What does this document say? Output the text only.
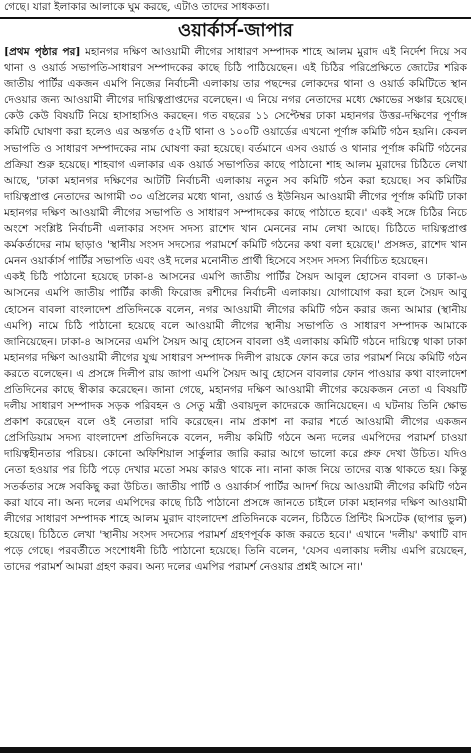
গেছে। যারা ইলাকার আলাকে ঘুম করছে, এটাও তাদের সাধকতা।
ওয়ার্কার্স-জাপার

[প্রথম পৃষ্ঠার পর] মহানগর দক্ষিণ আওয়ামী লীগের সাধারণ সম্পাদক শাহে আলম মুরাদ এই নির্দেশ দিয়ে সব থানা ও ওয়ার্ড সভাপতি-সাধারণ সম্পাদকের কাছে চিঠি পাঠিয়েছেন। এই চিঠির পরিপ্রেক্ষিতে জোটের শরিক জাতীয় পার্টির একজন এমপি নিজের নির্বাচনী এলাকায় তার পছন্দের লোকদের থানা ও ওয়ার্ড কমিটিতে স্থান দেওয়ার জন্য আওয়ামী লীগের দায়িত্বপ্রাপ্তদের বলেছেন। এ নিয়ে নগর নেতাদের মধ্যে ক্ষোভের সঞ্চার হয়েছে। কেউ কেউ বিষয়টি নিয়ে হাসাহাসিও করছেন। গত বছরের ১১ সেপ্টেম্বর ঢাকা মহানগর উত্তর-দক্ষিণের পূর্ণাঙ্গ কমিটি ঘোষণা করা হলেও এর অন্তর্গত ৫২টি থানা ও ১০০টি ওয়ার্ডের এখনো পূর্ণাঙ্গ কমিটি গঠন হয়নি। কেবল সভাপতি ও সাধারণ সম্পাদকের নাম ঘোষণা করা হয়েছে। বর্তমানে এসব ওয়ার্ড ও থানার পূর্ণাঙ্গ কমিটি গঠনের প্রক্রিয়া শুরু হয়েছে। শাহবাগ এলাকার এক ওয়ার্ড সভাপতির কাছে পাঠানো শাহ আলম মুরাদের চিঠিতে লেখা আছে, 'ঢাকা মহানগর দক্ষিণের আটটি নির্বাচনী এলাকায় নতুন সব কমিটি গঠন করা হয়েছে। সব কমিটির দায়িত্বপ্রাপ্ত নেতাদের আগামী ৩০ এপ্রিলের মধ্যে থানা, ওয়ার্ড ও ইউনিয়ন আওয়ামী লীগের পূর্ণাঙ্গ কমিটি ঢাকা মহানগর দক্ষিণ আওয়ামী লীগের সভাপতি ও সাধারণ সম্পাদকের কাছে পাঠাতে হবে।' একই সঙ্গে চিঠির নিচে অংশে সংশ্লিষ্ট নির্বাচনী এলাকার সংসদ সদস্য রাশেদ খান মেননের নাম লেখা আছে। চিঠিতে দায়িত্বপ্রাপ্ত কর্মকর্তাদের নাম ছাড়াও 'স্থানীয় সংসদ সদস্যের পরামর্শে কমিটি গঠনের কথা বলা হয়েছে।' প্রসঙ্গত, রাশেদ খান মেনন ওয়ার্কার্স পার্টির সভাপতি এবং ওই দলের মনোনীত প্রার্থী হিসেবে সংসদ সদস্য নির্বাচিত হয়েছেন।

একই চিঠি পাঠানো হয়েছে ঢাকা-৪ আসনের এমপি জাতীয় পার্টির সৈয়দ আবুল হোসেন বাবলা ও ঢাকা-৬ আসনের এমপি জাতীয় পার্টির কাজী ফিরোজ রশীদের নির্বাচনী এলাকায়। যোগাযোগ করা হলে সৈয়দ আবু হোসেন বাবলা বাংলাদেশ প্রতিদিনকে বলেন, নগর আওয়ামী লীগের কমিটি গঠন করার জন্য আমার (স্থানীয় এমপি) নামে চিঠি পাঠানো হয়েছে বলে আওয়ামী লীগের স্থানীয় সভাপতি ও সাধারণ সম্পাদক আমাকে জানিয়েছেন। ঢাকা-৪ আসনের এমপি সৈয়দ আবু হোসেন বাবলা ওই এলাকায় কমিটি গঠনে দায়িত্বে থাকা ঢাকা মহানগর দক্ষিণ আওয়ামী লীগের যুগ্ম সাধারণ সম্পাদক দিলীপ রায়কে ফোন করে তার পরামর্শ নিয়ে কমিটি গঠন করতে বলেছেন। এ প্রসঙ্গে দিলীপ রায় জাপা এমপি সৈয়দ আবু হোসেন বাবলার ফোন পাওয়ার কথা বাংলাদেশ প্রতিদিনের কাছে স্বীকার করেছেন। জানা গেছে, মহানগর দক্ষিণ আওয়ামী লীগের কয়েকজন নেতা এ বিষয়টি দলীয় সাধারণ সম্পাদক সড়ক পরিবহন ও সেতু মন্ত্রী ওবায়দুল কাদেরকে জানিয়েছেন। এ ঘটনায় তিনি ক্ষোভ প্রকাশ করেছেন বলে ওই নেতারা দাবি করেছেন। নাম প্রকাশ না করার শর্তে আওয়ামী লীগের একজন প্রেসিডিয়াম সদস্য বাংলাদেশ প্রতিদিনকে বলেন, দলীয় কমিটি গঠনে অন্য দলের এমপিদের পরামর্শ চাওয়া দায়িত্বহীনতার পরিচয়। কোনো অফিশিয়াল সার্কুলার জারি করার আগে ভালো করে প্রুফ দেখা উচিত। যদিও নেতা হওয়ার পর চিঠি পড়ে দেখার মতো সময় কারও থাকে না। নানা কাজ নিয়ে তাদের ব্যস্ত থাকতে হয়। কিন্তু সতর্কতার সঙ্গে সবকিছু করা উচিত। জাতীয় পার্টি ও ওয়ার্কার্স পার্টির আদর্শ দিয়ে আওয়ামী লীগের কমিটি গঠন করা যাবে না। অন্য দলের এমপিদের কাছে চিঠি পাঠানো প্রসঙ্গে জানতে চাইলে ঢাকা মহানগর দক্ষিণ আওয়ামী লীগের সাধারণ সম্পাদক শাহে আলম মুরাদ বাংলাদেশ প্রতিদিনকে বলেন, চিঠিতে প্রিন্টিং মিসটেক (ছাপার ভুল) হয়েছে। চিঠিতে লেখা 'স্থানীয় সংসদ সদস্যের পরামর্শ গ্রহণপূর্বক কাজ করতে হবে।' এখানে 'দলীয়' কথাটি বাদ পড়ে গেছে। পরবর্তীতে সংশোধনী চিঠি পাঠানো হয়েছে। তিনি বলেন, 'যেসব এলাকায় দলীয় এমপি রয়েছেন, তাদের পরামর্শ আমরা গ্রহণ করব। অন্য দলের এমপির পরামর্শ নেওয়ার প্রশ্নই আসে না।'
